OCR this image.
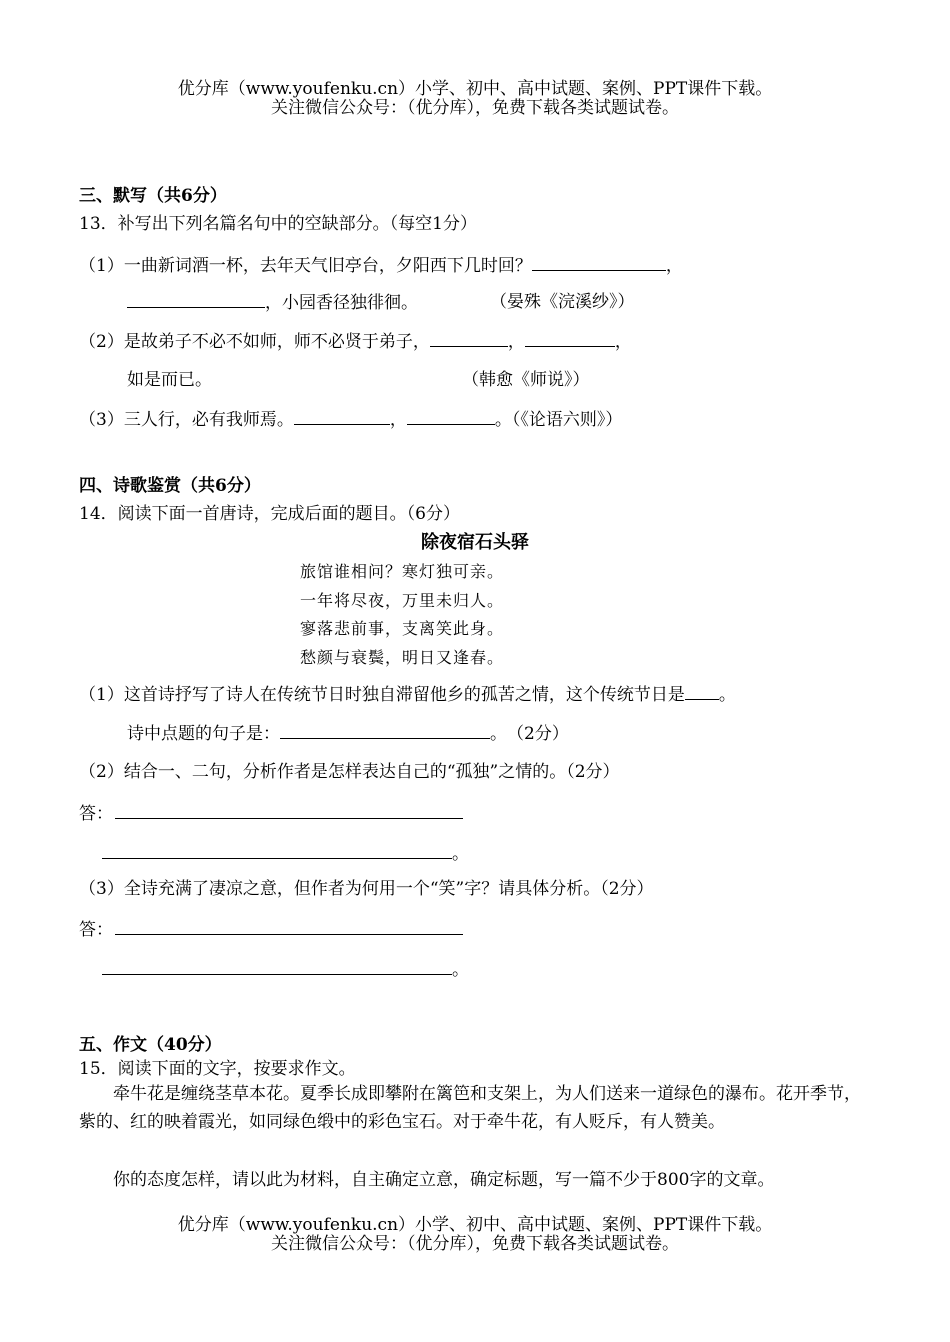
优分库（www.youfenku.cn）小学、初中、高中试题、案例、PPT课件下载。
关注微信公众号：（优分库），免费下载各类试题试卷。
三、默写（共6分）
13．补写出下列名篇名句中的空缺部分。（每空1分）
（1）一曲新词酒一杯，去年天气旧亭台，夕阳西下几时回？	，
，小园香径独徘徊。	（晏殊《浣溪纱》）
（2）是故弟子不必不如师，师不必贤于弟子，	，	，
如是而已。	（韩愈《师说》）
（3）三人行，必有我师焉。	，	。（《论语六则》）
四、诗歌鉴赏（共6分）
14．阅读下面一首唐诗，完成后面的题目。（6分）
除夜宿石头驿
旅馆谁相问？寒灯独可亲。
一年将尽夜，万里未归人。
寥落悲前事，支离笑此身。
愁颜与衰鬓，明日又逢春。
（1）这首诗抒写了诗人在传统节日时独自滞留他乡的孤苦之情，这个传统节日是 。
诗中点题的句子是：	。　（2分）
（2）结合一、二句，分析作者是怎样表达自己的“孤独”之情的。（2分）
答：
。
（3）全诗充满了凄凉之意，但作者为何用一个“笑”字？请具体分析。（2分）
答：
。
五、作文（40分）
15．阅读下面的文字，按要求作文。
牵牛花是缠绕茎草本花。夏季长成即攀附在篱笆和支架上，为人们送来一道绿色的瀑布。花开季节，紫的、红的映着霞光，如同绿色缎中的彩色宝石。对于牵牛花，有人贬斥，有人赞美。
你的态度怎样，请以此为材料，自主确定立意，确定标题，写一篇不少于800字的文章。
优分库（www.youfenku.cn）小学、初中、高中试题、案例、PPT课件下载。
关注微信公众号：（优分库），免费下载各类试题试卷。
